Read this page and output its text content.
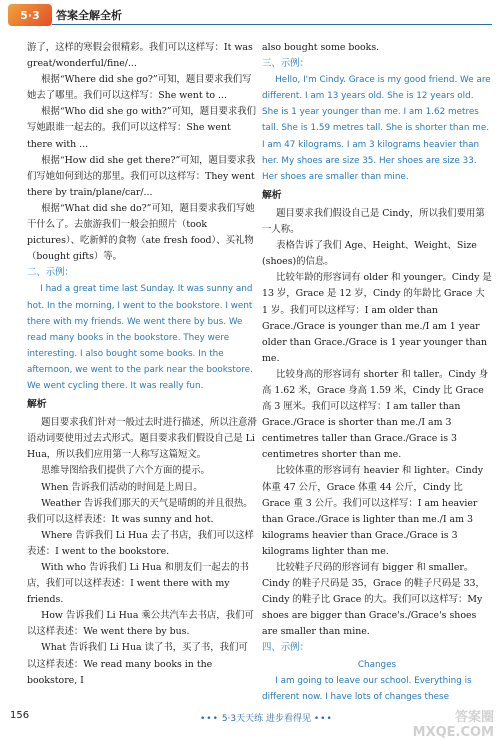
5·3	答案全解全析

游了，这样的寒假会很精彩。我们可以这样写：It was great/wonderful/fine/...

根据“Where did she go?”可知，题目要求我们写她去了哪里。我们可以这样写：She went to ...

根据“Who did she go with?”可知，题目要求我们写她跟谁一起去的。我们可以这样写：She went there with ...

根据“How did she get there?”可知，题目要求我们写她如何到达的那里。我们可以这样写：They went there by train/plane/car/...

根据“What did she do?”可知，题目要求我们写她干什么了。去旅游我们一般会拍照片（took pictures）、吃新鲜的食物（ate fresh food）、买礼物（bought gifts）等。

二、示例：

I had a great time last Sunday. It was sunny and hot. In the morning, I went to the bookstore. I went there with my friends. We went there by bus. We read many books in the bookstore. They were interesting. I also bought some books. In the afternoon, we went to the park near the bookstore. We went cycling there. It was really fun.

解析

题目要求我们针对一般过去时进行描述，所以注意滑语动词要使用过去式形式。题目要求我们假设自己是 Li Hua，所以我们应用第一人称写这篇短文。

思维导图给我们提供了六个方面的提示。

When 告诉我们活动的时间是上周日。

Weather 告诉我们那天的天气是晴朗的并且很热。我们可以这样表述：It was sunny and hot.

Where 告诉我们 Li Hua 去了书店，我们可以这样表述：I went to the bookstore.

With who 告诉我们 Li Hua 和朋友们一起去的书店，我们可以这样表述：I went there with my friends.

How 告诉我们 Li Hua 乘公共汽车去书店，我们可以这样表述：We went there by bus.

What 告诉我们 Li Hua 读了书，买了书，我们可以这样表述：We read many books in the bookstore, I

also bought some books.

三、示例：

Hello, I'm Cindy. Grace is my good friend. We are different. I am 13 years old. She is 12 years old. She is 1 year younger than me. I am 1.62 metres tall. She is 1.59 metres tall. She is shorter than me. I am 47 kilograms. I am 3 kilograms heavier than her. My shoes are size 35. Her shoes are size 33. Her shoes are smaller than mine.

解析

题目要求我们假设自己是 Cindy，所以我们要用第一人称。

表格告诉了我们 Age、Height、Weight、Size (shoes)的信息。

比较年龄的形容词有 older 和 younger。Cindy 是 13 岁，Grace 是 12 岁，Cindy 的年龄比 Grace 大 1 岁。我们可以这样写：I am older than Grace./Grace is younger than me./I am 1 year older than Grace./Grace is 1 year younger than me.

比较身高的形容词有 shorter 和 taller。Cindy 身高 1.62 米，Grace 身高 1.59 米，Cindy 比 Grace 高 3 厘米。我们可以这样写：I am taller than Grace./Grace is shorter than me./I am 3 centimetres taller than Grace./Grace is 3 centimetres shorter than me.

比较体重的形容词有 heavier 和 lighter。Cindy 体重 47 公斤，Grace 体重 44 公斤，Cindy 比 Grace 重 3 公斤。我们可以这样写：I am heavier than Grace./Grace is lighter than me./I am 3 kilograms heavier than Grace./Grace is 3 kilograms lighter than me.

比较鞋子尺码的形容词有 bigger 和 smaller。Cindy 的鞋子尺码是 35，Grace 的鞋子尺码是 33，Cindy 的鞋子比 Grace 的大。我们可以这样写：My shoes are bigger than Grace's./Grace's shoes are smaller than mine.

四、示例：

Changes

I am going to leave our school. Everything is different now. I have lots of changes these

156	••• 5·3天天练 进步看得见 •••	答案圈 MXQE.COM
